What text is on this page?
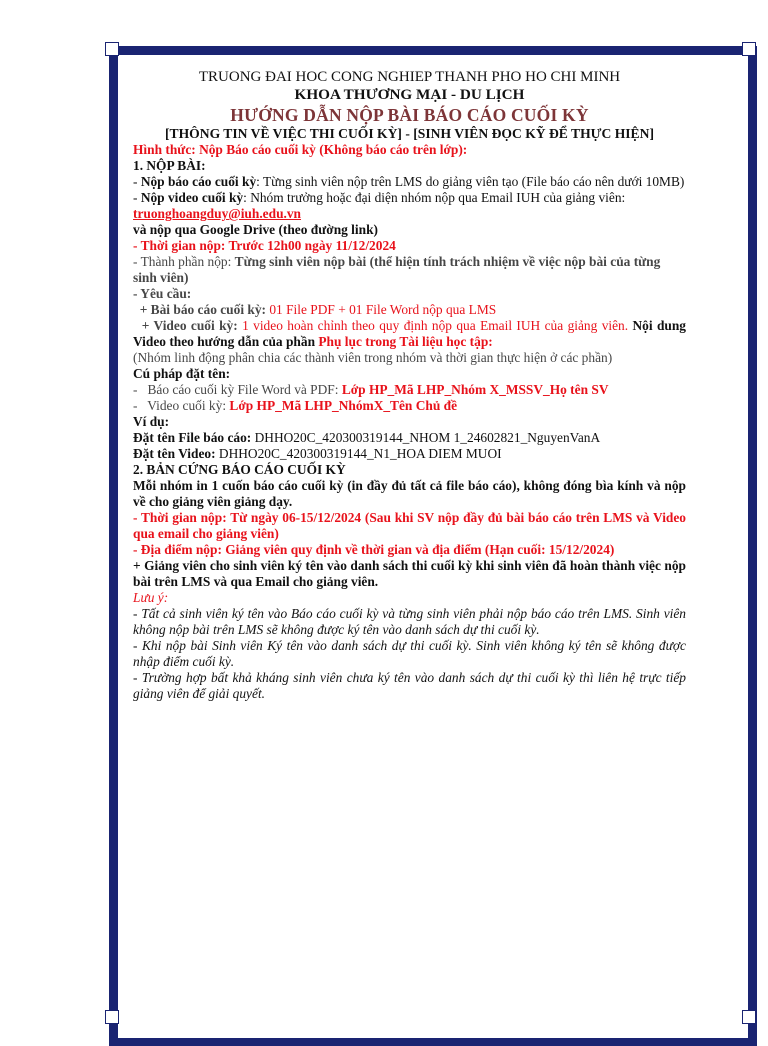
TRUONG ĐAI HOC CONG NGHIEP THANH PHO HO CHI MINH

KHOA THƯƠNG MẠI - DU LỊCH

HƯỚNG DẪN NỘP BÀI BÁO CÁO CUỐI KỲ

[THÔNG TIN VỀ VIỆC THI CUỐI KỲ] - [SINH VIÊN ĐỌC KỸ ĐỂ THỰC HIỆN]

Hình thức: Nộp Báo cáo cuối kỳ (Không báo cáo trên lớp):

1. NỘP BÀI:

- Nộp báo cáo cuối kỳ: Từng sinh viên nộp trên LMS do giảng viên tạo (File báo cáo nên dưới 10MB)

- Nộp video cuối kỳ: Nhóm trưởng hoặc đại diện nhóm nộp qua Email IUH của giảng viên:

truonghoangduy@iuh.edu.vn

và nộp qua Google Drive (theo đường link)

- Thời gian nộp: Trước 12h00 ngày 11/12/2024

- Thành phần nộp: Từng sinh viên nộp bài (thể hiện tính trách nhiệm về việc nộp bài của từng sinh viên)

- Yêu cầu:

+ Bài báo cáo cuối kỳ: 01 File PDF + 01 File Word nộp qua LMS

+ Video cuối kỳ: 1 video hoàn chỉnh theo quy định nộp qua Email IUH của giảng viên. Nội dung Video theo hướng dẫn của phần Phụ lục trong Tài liệu học tập:

(Nhóm linh động phân chia các thành viên trong nhóm và thời gian thực hiện ở các phần)

Cú pháp đặt tên:

-   Báo cáo cuối kỳ File Word và PDF: Lớp HP_Mã LHP_Nhóm X_MSSV_Họ tên SV

-   Video cuối kỳ: Lớp HP_Mã LHP_NhómX_Tên Chủ đề

Ví dụ:

Đặt tên File báo cáo: DHHO20C_420300319144_NHOM 1_24602821_NguyenVanA

Đặt tên Video: DHHO20C_420300319144_N1_HOA DIEM MUOI

2. BẢN CỨNG BÁO CÁO CUỐI KỲ

Mỗi nhóm in 1 cuốn báo cáo cuối kỳ (in đầy đủ tất cả file báo cáo), không đóng bìa kính và nộp về cho giảng viên giảng dạy.

- Thời gian nộp: Từ ngày 06-15/12/2024 (Sau khi SV nộp đầy đủ bài báo cáo trên LMS và Video qua email cho giảng viên)

- Địa điểm nộp: Giảng viên quy định về thời gian và địa điểm (Hạn cuối: 15/12/2024)

+ Giảng viên cho sinh viên ký tên vào danh sách thi cuối kỳ khi sinh viên đã hoàn thành việc nộp bài trên LMS và qua Email cho giảng viên.

Lưu ý:

- Tất cả sinh viên ký tên vào Báo cáo cuối kỳ và từng sinh viên phải nộp báo cáo trên LMS. Sinh viên không nộp bài trên LMS sẽ không được ký tên vào danh sách dự thi cuối kỳ.

- Khi nộp bài Sinh viên Ký tên vào danh sách dự thi cuối kỳ. Sinh viên không ký tên sẽ không được nhập điểm cuối kỳ.

- Trường hợp bất khả kháng sinh viên chưa ký tên vào danh sách dự thi cuối kỳ thì liên hệ trực tiếp giảng viên để giải quyết.
